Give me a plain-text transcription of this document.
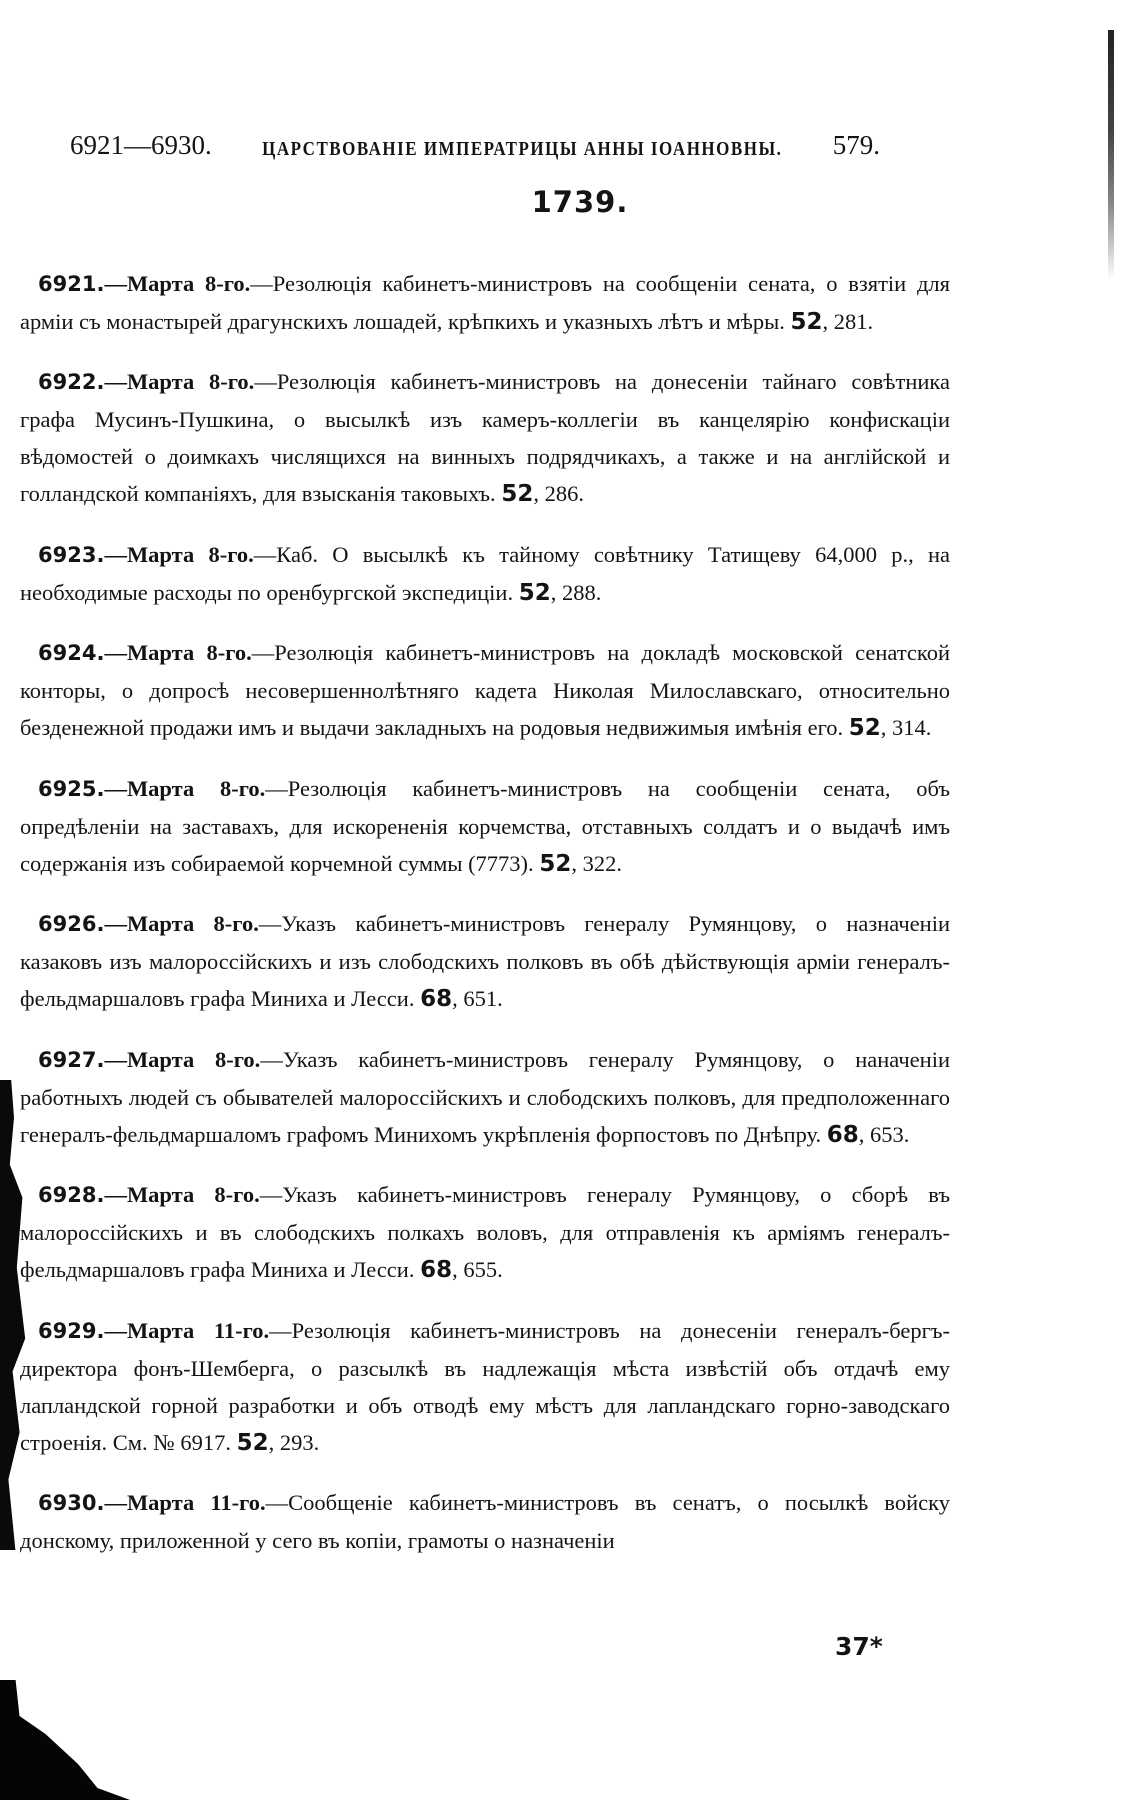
6921—6930.	ЦАРСТВОВАНІЕ ИМПЕРАТРИЦЫ АННЫ ІОАННОВНЫ. 579.
1739.

6921.—Марта 8-го.—Резолюція кабинетъ-министровъ на сообщеніи сената, о взятіи для арміи съ монастырей драгунскихъ лошадей, крѣпкихъ и указныхъ лѣтъ и мѣры. 52, 281.

6922.—Марта 8-го.—Резолюція кабинетъ-министровъ на донесеніи тайнаго совѣтника графа Мусинъ-Пушкина, о высылкѣ изъ камеръ-коллегіи въ канцелярію конфискаціи вѣдомостей о доимкахъ числящихся на винныхъ подрядчикахъ, а также и на англійской и голландской компаніяхъ, для взысканія таковыхъ. 52, 286.

6923.—Марта 8-го.—Каб. О высылкѣ къ тайному совѣтнику Татищеву 64,000 р., на необходимые расходы по оренбургской экспедиціи. 52, 288.

6924.—Марта 8-го.—Резолюція кабинетъ-министровъ на докладѣ московской сенатской конторы, о допросѣ несовершеннолѣтняго кадета Николая Милославскаго, относительно безденежной продажи имъ и выдачи закладныхъ на родовыя недвижимыя имѣнія его. 52, 314.

6925.—Марта 8-го.—Резолюція кабинетъ-министровъ на сообщеніи сената, объ опредѣленіи на заставахъ, для искорененія корчемства, отставныхъ солдатъ и о выдачѣ имъ содержанія изъ собираемой корчемной суммы (7773). 52, 322.

6926.—Марта 8-го.—Указъ кабинетъ-министровъ генералу Румянцову, о назначеніи казаковъ изъ малороссійскихъ и изъ слободскихъ полковъ въ обѣ дѣйствующія арміи генералъ-фельдмаршаловъ графа Миниха и Лесси. 68, 651.

6927.—Марта 8-го.—Указъ кабинетъ-министровъ генералу Румянцову, о наначеніи работныхъ людей съ обывателей малороссійскихъ и слободскихъ полковъ, для предположеннаго генералъ-фельдмаршаломъ графомъ Минихомъ укрѣпленія форпостовъ по Днѣпру. 68, 653.

6928.—Марта 8-го.—Указъ кабинетъ-министровъ генералу Румянцову, о сборѣ въ малороссійскихъ и въ слободскихъ полкахъ воловъ, для отправленія къ арміямъ генералъ-фельдмаршаловъ графа Миниха и Лесси. 68, 655.

6929.—Марта 11-го.—Резолюція кабинетъ-министровъ на донесеніи генералъ-бергъ-директора фонъ-Шемберга, о разсылкѣ въ надлежащія мѣста извѣстій объ отдачѣ ему лапландской горной разработки и объ отводѣ ему мѣстъ для лапландскаго горно-заводскаго строенія. См. № 6917. 52, 293.

6930.—Марта 11-го.—Сообщеніе кабинетъ-министровъ въ сенатъ, о посылкѣ войску донскому, приложенной у сего въ копіи, грамоты о назначеніи

37*
